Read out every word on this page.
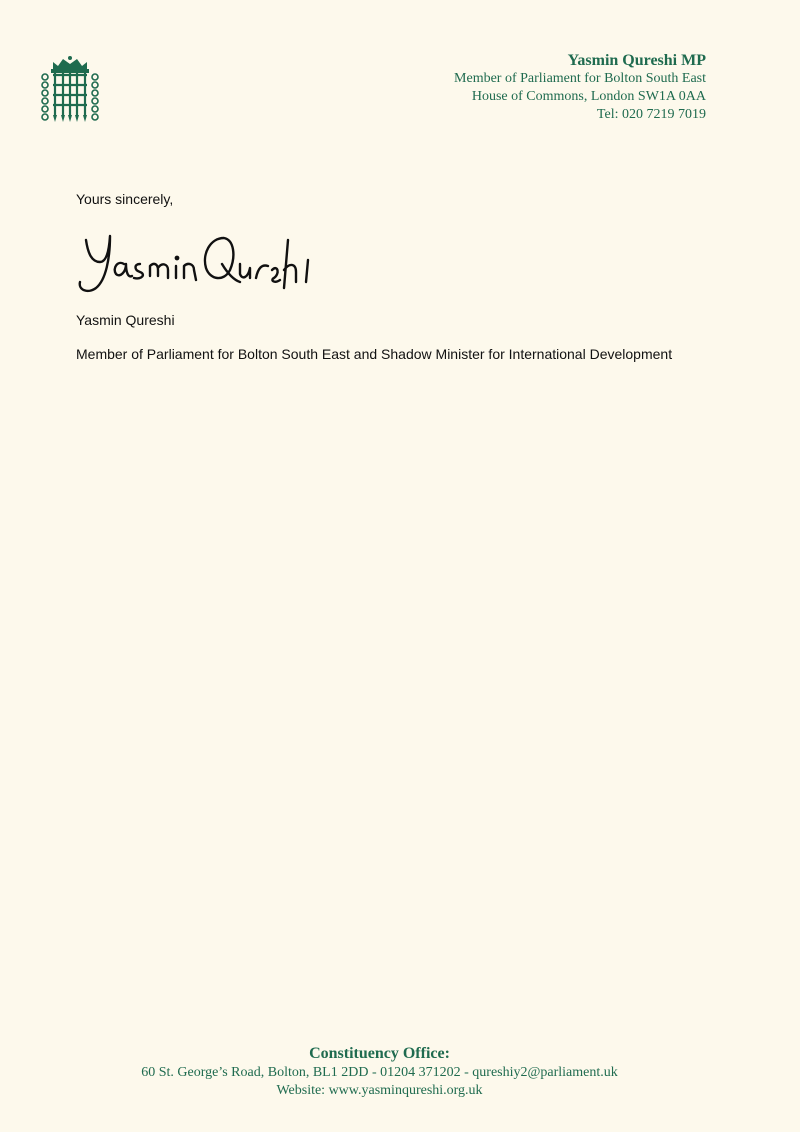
Yasmin Qureshi MP
Member of Parliament for Bolton South East
House of Commons, London SW1A 0AA
Tel: 020 7219 7019
Yours sincerely,
Yasmin Qureshi
Member of Parliament for Bolton South East and Shadow Minister for International Development
Constituency Office:
60 St. George’s Road, Bolton, BL1 2DD - 01204 371202 - qureshiy2@parliament.uk
Website: www.yasminqureshi.org.uk
